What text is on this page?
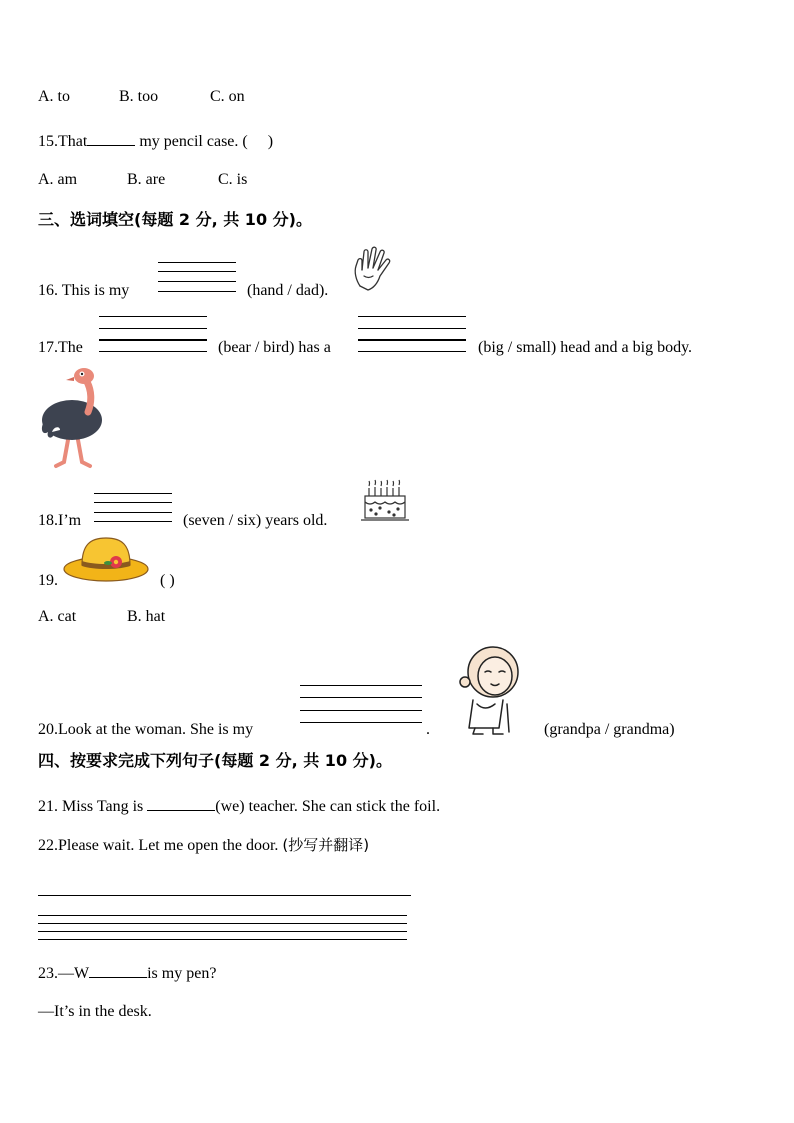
A. to	B. too	C. on
15.That	my pencil case. ( )
A. am	B. are	C. is
三、选词填空(每题 2 分, 共 10 分)。
16. This is my	(hand / dad).
17.The	(bear / bird) has a	(big / small) head and a big body.
18.I’m	(seven / six) years old.
19.	( )
A. cat	B. hat
20.Look at the woman. She is my	.	(grandpa / grandma)
四、按要求完成下列句子(每题 2 分, 共 10 分)。
21. Miss Tang is	(we) teacher. She can stick the foil.
22.Please wait. Let me open the door. (抄写并翻译)
23.—W	is my pen?
—It’s in the desk.
